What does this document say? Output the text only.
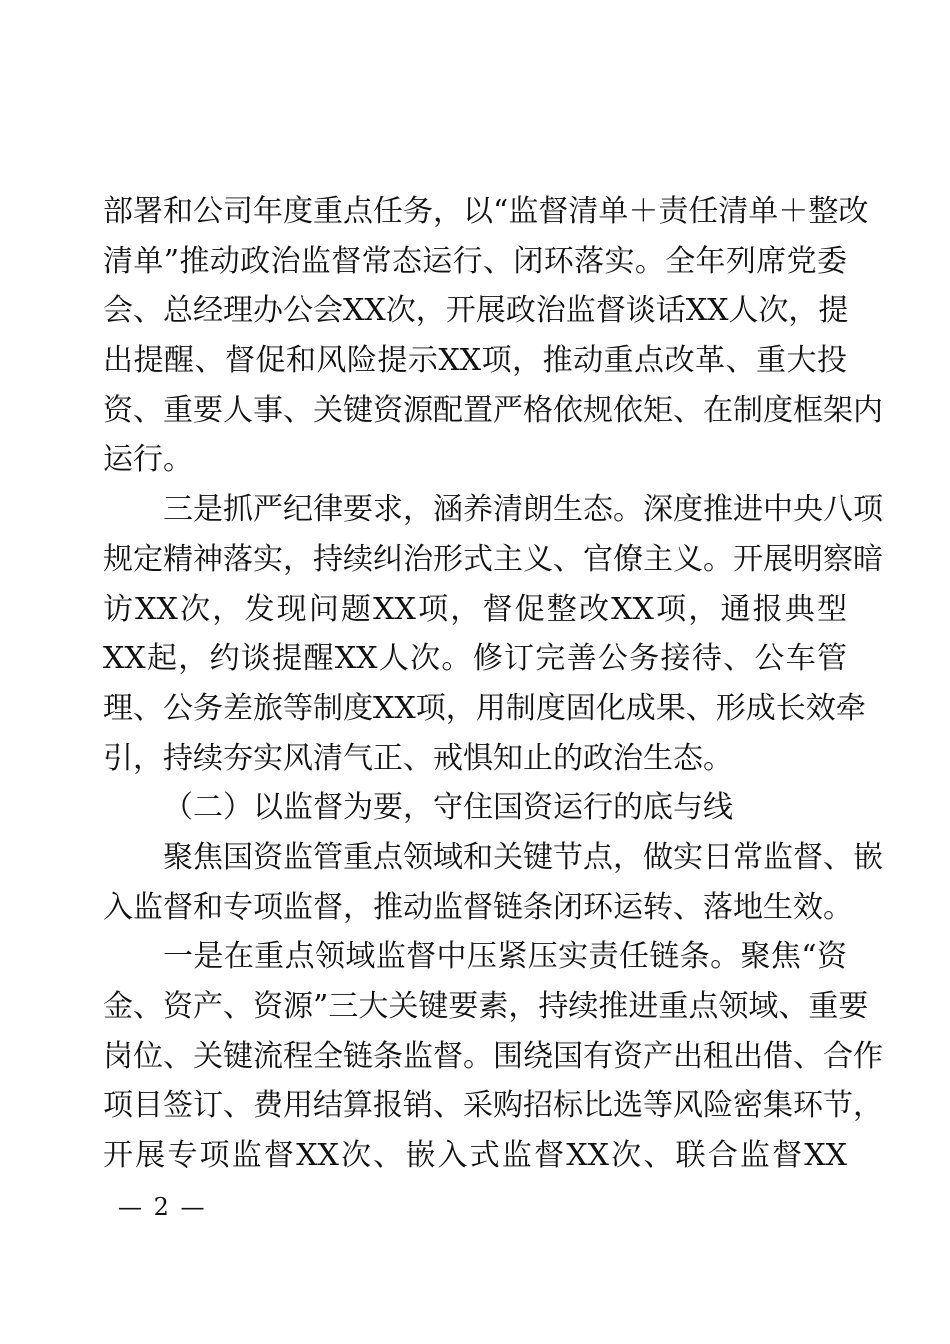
部署和公司年度重点任务，以“监督清单＋责任清单＋整改
清单”推动政治监督常态运行、闭环落实。全年列席党委
会、总经理办公会XX次，开展政治监督谈话XX人次，提
出提醒、督促和风险提示XX项，推动重点改革、重大投
资、重要人事、关键资源配置严格依规依矩、在制度框架内
运行。
三是抓严纪律要求，涵养清朗生态。深度推进中央八项
规定精神落实，持续纠治形式主义、官僚主义。开展明察暗
访XX次，发现问题XX项，督促整改XX项，通报典型
XX起，约谈提醒XX人次。修订完善公务接待、公车管
理、公务差旅等制度XX项，用制度固化成果、形成长效牵
引，持续夯实风清气正、戒惧知止的政治生态。
（二）以监督为要，守住国资运行的底与线
聚焦国资监管重点领域和关键节点，做实日常监督、嵌
入监督和专项监督，推动监督链条闭环运转、落地生效。
一是在重点领域监督中压紧压实责任链条。聚焦“资
金、资产、资源”三大关键要素，持续推进重点领域、重要
岗位、关键流程全链条监督。围绕国有资产出租出借、合作
项目签订、费用结算报销、采购招标比选等风险密集环节，
开展专项监督XX次、嵌入式监督XX次、联合监督XX
— 2 —
